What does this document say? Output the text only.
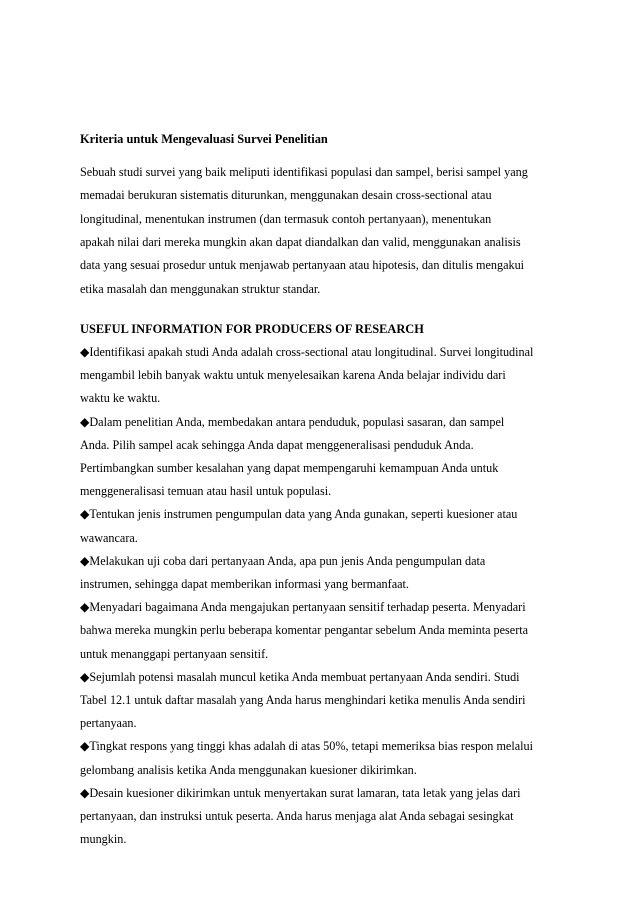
Kriteria untuk Mengevaluasi Survei Penelitian
Sebuah studi survei yang baik meliputi identifikasi populasi dan sampel, berisi sampel yang
memadai berukuran sistematis diturunkan, menggunakan desain cross-sectional atau
longitudinal, menentukan instrumen (dan termasuk contoh pertanyaan), menentukan
apakah nilai dari mereka mungkin akan dapat diandalkan dan valid, menggunakan analisis
data yang sesuai prosedur untuk menjawab pertanyaan atau hipotesis, dan ditulis mengakui
etika masalah dan menggunakan struktur standar.
USEFUL INFORMATION FOR PRODUCERS OF RESEARCH
◆Identifikasi apakah studi Anda adalah cross-sectional atau longitudinal. Survei longitudinal
mengambil lebih banyak waktu untuk menyelesaikan karena Anda belajar individu dari
waktu ke waktu.
◆Dalam penelitian Anda, membedakan antara penduduk, populasi sasaran, dan sampel
Anda. Pilih sampel acak sehingga Anda dapat menggeneralisasi penduduk Anda.
Pertimbangkan sumber kesalahan yang dapat mempengaruhi kemampuan Anda untuk
menggeneralisasi temuan atau hasil untuk populasi.
◆Tentukan jenis instrumen pengumpulan data yang Anda gunakan, seperti kuesioner atau
wawancara.
◆Melakukan uji coba dari pertanyaan Anda, apa pun jenis Anda pengumpulan data
instrumen, sehingga dapat memberikan informasi yang bermanfaat.
◆Menyadari bagaimana Anda mengajukan pertanyaan sensitif terhadap peserta. Menyadari
bahwa mereka mungkin perlu beberapa komentar pengantar sebelum Anda meminta peserta
untuk menanggapi pertanyaan sensitif.
◆Sejumlah potensi masalah muncul ketika Anda membuat pertanyaan Anda sendiri. Studi
Tabel 12.1 untuk daftar masalah yang Anda harus menghindari ketika menulis Anda sendiri
pertanyaan.
◆Tingkat respons yang tinggi khas adalah di atas 50%, tetapi memeriksa bias respon melalui
gelombang analisis ketika Anda menggunakan kuesioner dikirimkan.
◆Desain kuesioner dikirimkan untuk menyertakan surat lamaran, tata letak yang jelas dari
pertanyaan, dan instruksi untuk peserta. Anda harus menjaga alat Anda sebagai sesingkat
mungkin.
